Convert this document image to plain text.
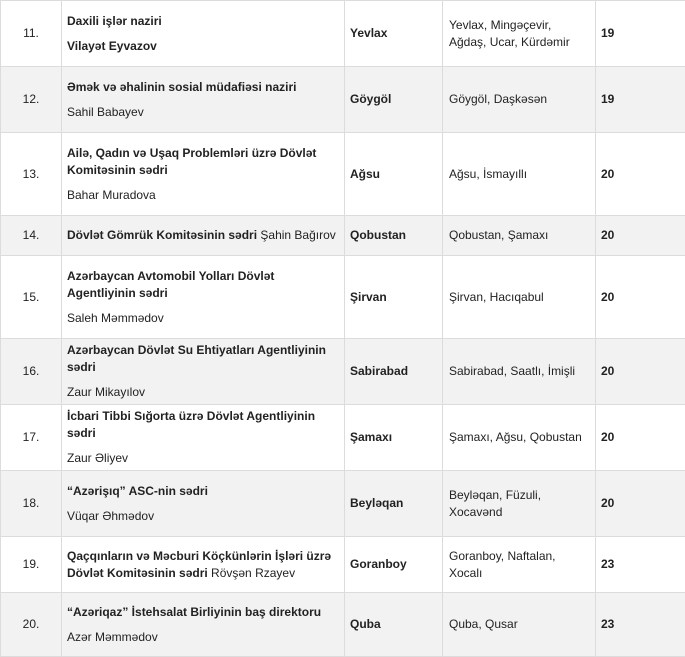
11.	Daxili işlər naziri
Vilayət Eyvazov	Yevlax	Yevlax, Mingəçevir, Ağdaş, Ucar, Kürdəmir	19
12.	Əmək və əhalinin sosial müdafiəsi naziri
Sahil Babayev	Göygöl	Göygöl, Daşkəsən	19
13.	Ailə, Qadın və Uşaq Problemləri üzrə Dövlət Komitəsinin sədri
Bahar Muradova	Ağsu	Ağsu, İsmayıllı	20
14.	Dövlət Gömrük Komitəsinin sədri Şahin Bağırov	Qobustan	Qobustan, Şamaxı	20
15.	Azərbaycan Avtomobil Yolları Dövlət Agentliyinin sədri
Saleh Məmmədov	Şirvan	Şirvan, Hacıqabul	20
16.	Azərbaycan Dövlət Su Ehtiyatları Agentliyinin sədri
Zaur Mikayılov	Sabirabad	Sabirabad, Saatlı, İmişli	20
17.	İcbari Tibbi Sığorta üzrə Dövlət Agentliyinin sədri
Zaur Əliyev	Şamaxı	Şamaxı, Ağsu, Qobustan	20
18.	“Azərişıq” ASC-nin sədri
Vüqar Əhmədov	Beyləqan	Beyləqan, Füzuli, Xocavənd	20
19.	Qaçqınların və Məcburi Köçkünlərin İşləri üzrə Dövlət Komitəsinin sədri Rövşən Rzayev	Goranboy	Goranboy, Naftalan, Xocalı	23
20.	“Azəriqaz” İstehsalat Birliyinin baş direktoru
Azər Məmmədov	Quba	Quba, Qusar	23
